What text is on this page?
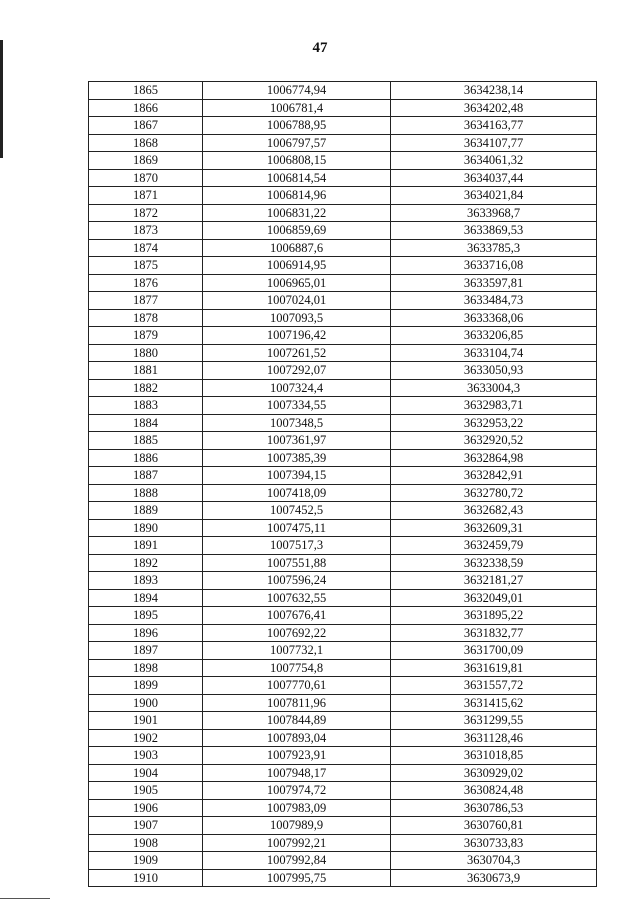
47
1865	1006774,94	3634238,14
1866	1006781,4	3634202,48
1867	1006788,95	3634163,77
1868	1006797,57	3634107,77
1869	1006808,15	3634061,32
1870	1006814,54	3634037,44
1871	1006814,96	3634021,84
1872	1006831,22	3633968,7
1873	1006859,69	3633869,53
1874	1006887,6	3633785,3
1875	1006914,95	3633716,08
1876	1006965,01	3633597,81
1877	1007024,01	3633484,73
1878	1007093,5	3633368,06
1879	1007196,42	3633206,85
1880	1007261,52	3633104,74
1881	1007292,07	3633050,93
1882	1007324,4	3633004,3
1883	1007334,55	3632983,71
1884	1007348,5	3632953,22
1885	1007361,97	3632920,52
1886	1007385,39	3632864,98
1887	1007394,15	3632842,91
1888	1007418,09	3632780,72
1889	1007452,5	3632682,43
1890	1007475,11	3632609,31
1891	1007517,3	3632459,79
1892	1007551,88	3632338,59
1893	1007596,24	3632181,27
1894	1007632,55	3632049,01
1895	1007676,41	3631895,22
1896	1007692,22	3631832,77
1897	1007732,1	3631700,09
1898	1007754,8	3631619,81
1899	1007770,61	3631557,72
1900	1007811,96	3631415,62
1901	1007844,89	3631299,55
1902	1007893,04	3631128,46
1903	1007923,91	3631018,85
1904	1007948,17	3630929,02
1905	1007974,72	3630824,48
1906	1007983,09	3630786,53
1907	1007989,9	3630760,81
1908	1007992,21	3630733,83
1909	1007992,84	3630704,3
1910	1007995,75	3630673,9
